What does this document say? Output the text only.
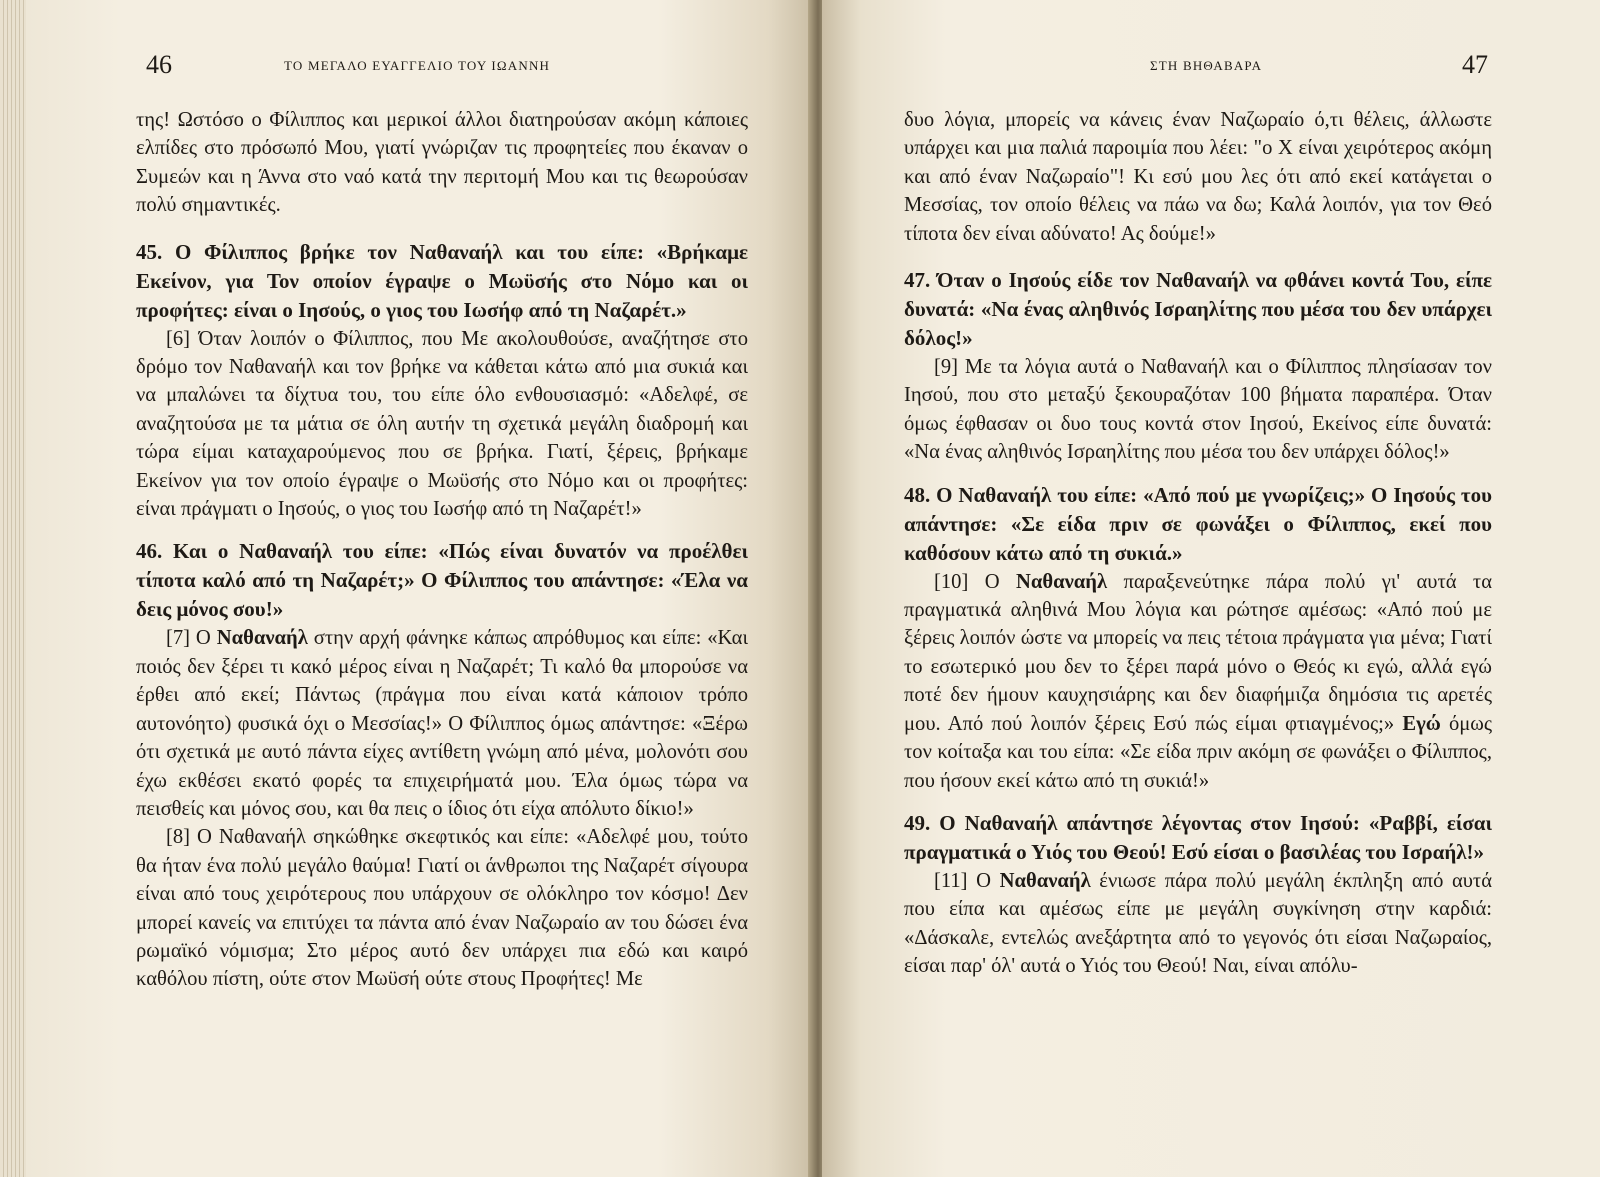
46	ΤΟ ΜΕΓΑΛΟ ΕΥΑΓΓΕΛΙΟ ΤΟΥ ΙΩΑΝΝΗ

της! Ωστόσο ο Φίλιππος και μερικοί άλλοι διατηρούσαν ακόμη κάποιες ελπίδες στο πρόσωπό Μου, γιατί γνώριζαν τις προφητείες που έκαναν ο Συμεών και η Άννα στο ναό κατά την περιτομή Μου και τις θεωρούσαν πολύ σημαντικές.

45. Ο Φίλιππος βρήκε τον Ναθαναήλ και του είπε: «Βρήκαμε Εκείνον, για Τον οποίον έγραψε ο Μωϋσής στο Νόμο και οι προφήτες: είναι ο Ιησούς, ο γιος του Ιωσήφ από τη Ναζαρέτ.»

[6] Όταν λοιπόν ο Φίλιππος, που Με ακολουθούσε, αναζήτησε στο δρόμο τον Ναθαναήλ και τον βρήκε να κάθεται κάτω από μια συκιά και να μπαλώνει τα δίχτυα του, του είπε όλο ενθουσιασμό: «Αδελφέ, σε αναζητούσα με τα μάτια σε όλη αυτήν τη σχετικά μεγάλη διαδρομή και τώρα είμαι καταχαρούμενος που σε βρήκα. Γιατί, ξέρεις, βρήκαμε Εκείνον για τον οποίο έγραψε ο Μωϋσής στο Νόμο και οι προφήτες: είναι πράγματι ο Ιησούς, ο γιος του Ιωσήφ από τη Ναζαρέτ!»

46. Και ο Ναθαναήλ του είπε: «Πώς είναι δυνατόν να προέλθει τίποτα καλό από τη Ναζαρέτ;» Ο Φίλιππος του απάντησε: «Έλα να δεις μόνος σου!»

[7] Ο Ναθαναήλ στην αρχή φάνηκε κάπως απρόθυμος και είπε: «Και ποιός δεν ξέρει τι κακό μέρος είναι η Ναζαρέτ; Τι καλό θα μπορούσε να έρθει από εκεί; Πάντως (πράγμα που είναι κατά κάποιον τρόπο αυτονόητο) φυσικά όχι ο Μεσσίας!» Ο Φίλιππος όμως απάντησε: «Ξέρω ότι σχετικά με αυτό πάντα είχες αντίθετη γνώμη από μένα, μολονότι σου έχω εκθέσει εκατό φορές τα επιχειρήματά μου. Έλα όμως τώρα να πεισθείς και μόνος σου, και θα πεις ο ίδιος ότι είχα απόλυτο δίκιο!»

[8] Ο Ναθαναήλ σηκώθηκε σκεφτικός και είπε: «Αδελφέ μου, τούτο θα ήταν ένα πολύ μεγάλο θαύμα! Γιατί οι άνθρωποι της Ναζαρέτ σίγουρα είναι από τους χειρότερους που υπάρχουν σε ολόκληρο τον κόσμο! Δεν μπορεί κανείς να επιτύχει τα πάντα από έναν Ναζωραίο αν του δώσει ένα ρωμαϊκό νόμισμα; Στο μέρος αυτό δεν υπάρχει πια εδώ και καιρό καθόλου πίστη, ούτε στον Μωϋσή ούτε στους Προφήτες! Με

ΣΤΗ ΒΗΘΑΒΑΡΑ	47

δυο λόγια, μπορείς να κάνεις έναν Ναζωραίο ό,τι θέλεις, άλλωστε υπάρχει και μια παλιά παροιμία που λέει: "ο Χ είναι χειρότερος ακόμη και από έναν Ναζωραίο"! Κι εσύ μου λες ότι από εκεί κατάγεται ο Μεσσίας, τον οποίο θέλεις να πάω να δω; Καλά λοιπόν, για τον Θεό τίποτα δεν είναι αδύνατο! Ας δούμε!»

47. Όταν ο Ιησούς είδε τον Ναθαναήλ να φθάνει κοντά Του, είπε δυνατά: «Να ένας αληθινός Ισραηλίτης που μέσα του δεν υπάρχει δόλος!»

[9] Με τα λόγια αυτά ο Ναθαναήλ και ο Φίλιππος πλησίασαν τον Ιησού, που στο μεταξύ ξεκουραζόταν 100 βήματα παραπέρα. Όταν όμως έφθασαν οι δυο τους κοντά στον Ιησού, Εκείνος είπε δυνατά: «Να ένας αληθινός Ισραηλίτης που μέσα του δεν υπάρχει δόλος!»

48. Ο Ναθαναήλ του είπε: «Από πού με γνωρίζεις;» Ο Ιησούς του απάντησε: «Σε είδα πριν σε φωνάξει ο Φίλιππος, εκεί που καθόσουν κάτω από τη συκιά.»

[10] Ο Ναθαναήλ παραξενεύτηκε πάρα πολύ γι' αυτά τα πραγματικά αληθινά Μου λόγια και ρώτησε αμέσως: «Από πού με ξέρεις λοιπόν ώστε να μπορείς να πεις τέτοια πράγματα για μένα; Γιατί το εσωτερικό μου δεν το ξέρει παρά μόνο ο Θεός κι εγώ, αλλά εγώ ποτέ δεν ήμουν καυχησιάρης και δεν διαφήμιζα δημόσια τις αρετές μου. Από πού λοιπόν ξέρεις Εσύ πώς είμαι φτιαγμένος;» Εγώ όμως τον κοίταξα και του είπα: «Σε είδα πριν ακόμη σε φωνάξει ο Φίλιππος, που ήσουν εκεί κάτω από τη συκιά!»

49. Ο Ναθαναήλ απάντησε λέγοντας στον Ιησού: «Ραββί, είσαι πραγματικά ο Υιός του Θεού! Εσύ είσαι ο βασιλέας του Ισραήλ!»

[11] Ο Ναθαναήλ ένιωσε πάρα πολύ μεγάλη έκπληξη από αυτά που είπα και αμέσως είπε με μεγάλη συγκίνηση στην καρδιά: «Δάσκαλε, εντελώς ανεξάρτητα από το γεγονός ότι είσαι Ναζωραίος, είσαι παρ' όλ' αυτά ο Υιός του Θεού! Ναι, είναι απόλυ-
